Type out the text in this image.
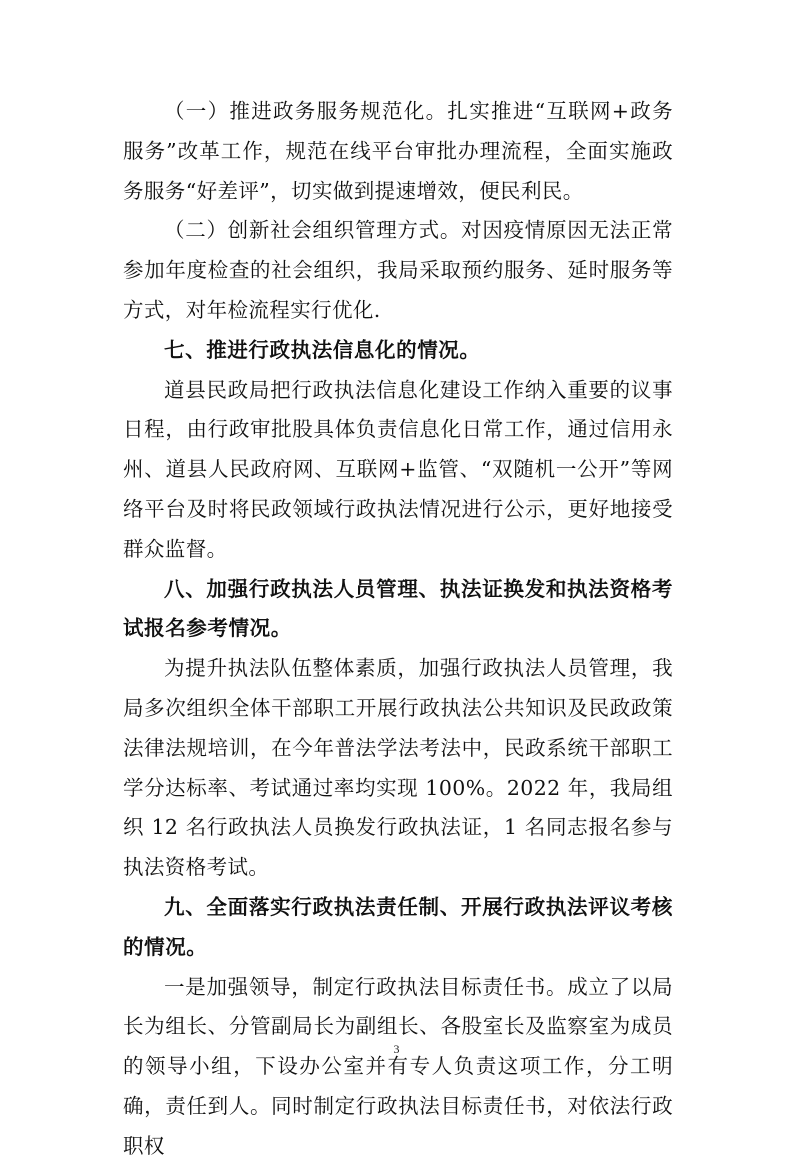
（一）推进政务服务规范化。扎实推进“互联网+政务服务”改革工作，规范在线平台审批办理流程，全面实施政务服务“好差评”，切实做到提速增效，便民利民。

（二）创新社会组织管理方式。对因疫情原因无法正常参加年度检查的社会组织，我局采取预约服务、延时服务等方式，对年检流程实行优化.

七、推进行政执法信息化的情况。

道县民政局把行政执法信息化建设工作纳入重要的议事日程，由行政审批股具体负责信息化日常工作，通过信用永州、道县人民政府网、互联网+监管、“双随机一公开”等网络平台及时将民政领域行政执法情况进行公示，更好地接受群众监督。

八、加强行政执法人员管理、执法证换发和执法资格考试报名参考情况。

为提升执法队伍整体素质，加强行政执法人员管理，我局多次组织全体干部职工开展行政执法公共知识及民政政策法律法规培训，在今年普法学法考法中，民政系统干部职工学分达标率、考试通过率均实现 100%。2022 年，我局组织 12 名行政执法人员换发行政执法证，1 名同志报名参与执法资格考试。

九、全面落实行政执法责任制、开展行政执法评议考核的情况。

一是加强领导，制定行政执法目标责任书。成立了以局长为组长、分管副局长为副组长、各股室长及监察室为成员的领导小组，下设办公室并有专人负责这项工作，分工明确，责任到人。同时制定行政执法目标责任书，对依法行政职权

3
